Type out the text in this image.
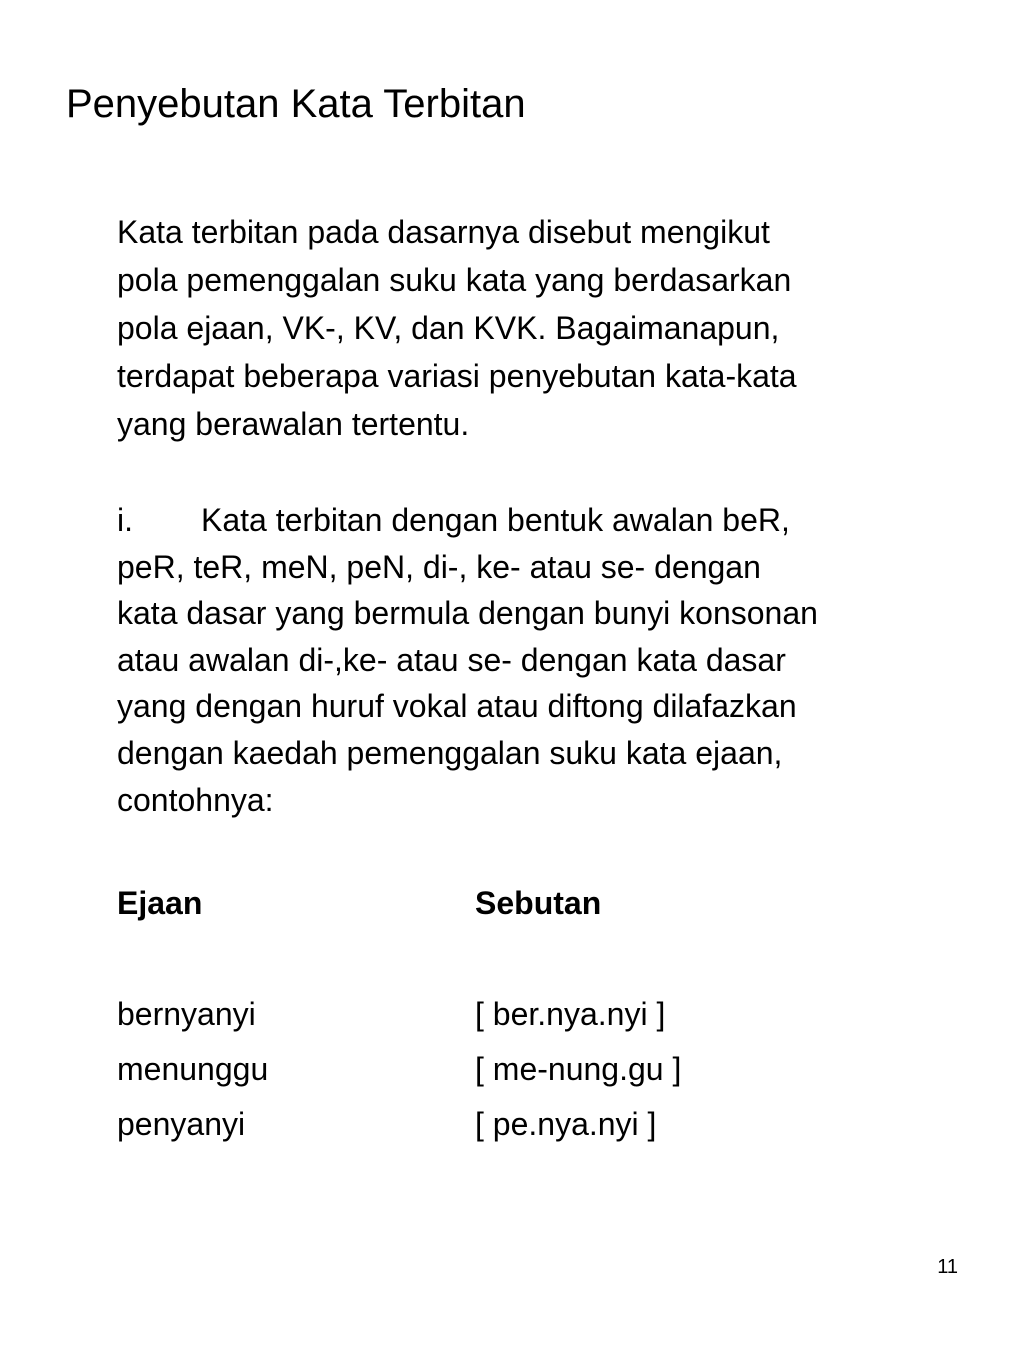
Penyebutan Kata Terbitan
Kata terbitan pada dasarnya disebut mengikut
pola pemenggalan suku kata yang berdasarkan
pola ejaan, VK-, KV, dan KVK. Bagaimanapun,
terdapat beberapa variasi penyebutan kata-kata
yang berawalan tertentu.
i. Kata terbitan dengan bentuk awalan beR,
peR, teR, meN, peN, di-, ke- atau se- dengan
kata dasar yang bermula dengan bunyi konsonan
atau awalan di-,ke- atau se- dengan kata dasar
yang dengan huruf vokal atau diftong dilafazkan
dengan kaedah pemenggalan suku kata ejaan,
contohnya:
Ejaan	Sebutan
bernyanyi	[ ber.nya.nyi ]
menunggu	[ me-nung.gu ]
penyanyi	[ pe.nya.nyi ]
11
